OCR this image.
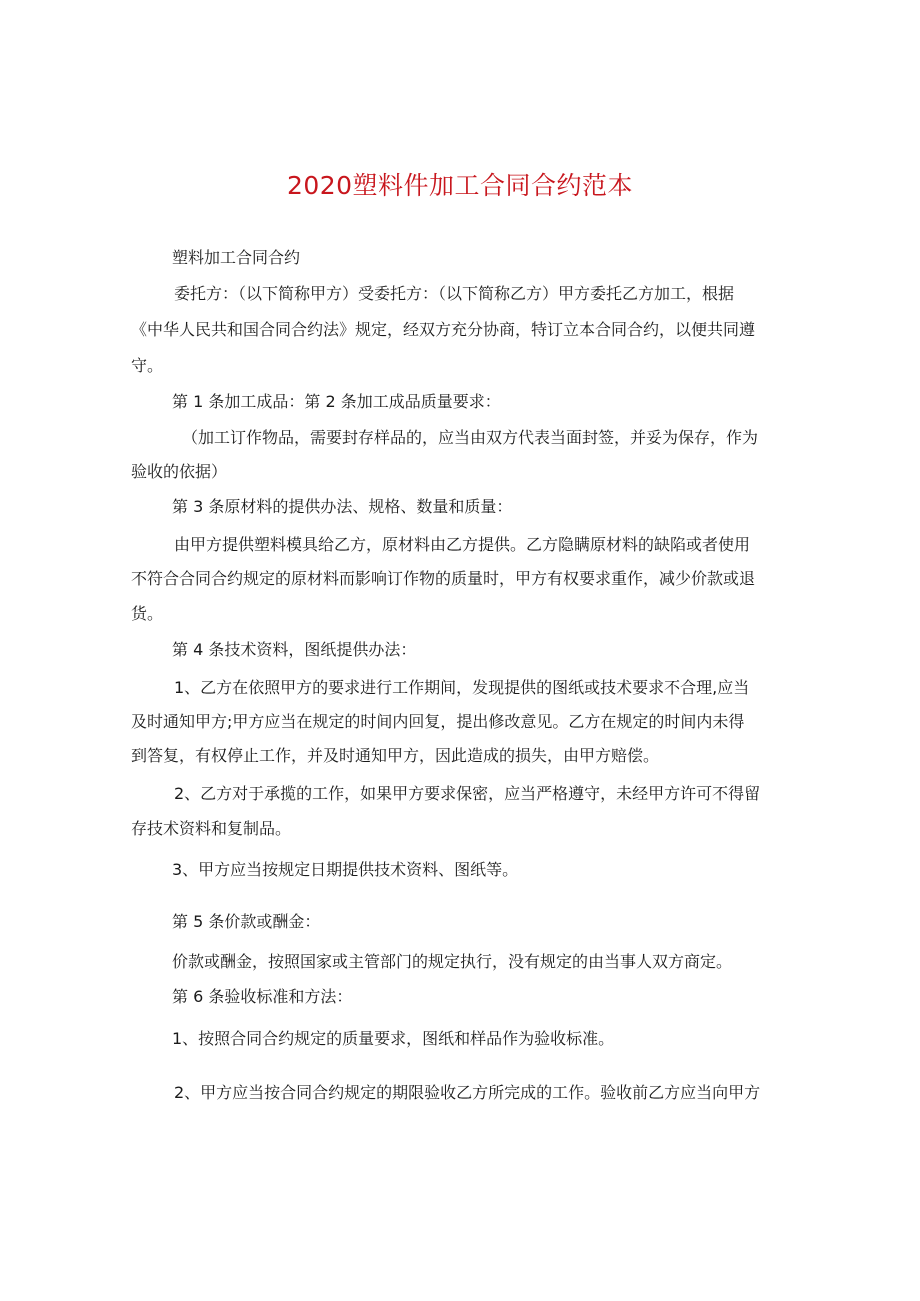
2020塑料件加工合同合约范本
塑料加工合同合约
委托方：（以下简称甲方）受委托方：（以下简称乙方）甲方委托乙方加工，根据
《中华人民共和国合同合约法》规定，经双方充分协商，特订立本合同合约，以便共同遵
守。
第 1 条加工成品：第 2 条加工成品质量要求：
（加工订作物品，需要封存样品的，应当由双方代表当面封签，并妥为保存，作为
验收的依据）
第 3 条原材料的提供办法、规格、数量和质量：
由甲方提供塑料模具给乙方，原材料由乙方提供。乙方隐瞒原材料的缺陷或者使用
不符合合同合约规定的原材料而影响订作物的质量时，甲方有权要求重作，减少价款或退
货。
第 4 条技术资料，图纸提供办法：
1、乙方在依照甲方的要求进行工作期间，发现提供的图纸或技术要求不合理,应当
及时通知甲方;甲方应当在规定的时间内回复，提出修改意见。乙方在规定的时间内未得
到答复，有权停止工作，并及时通知甲方，因此造成的损失，由甲方赔偿。
2、乙方对于承揽的工作，如果甲方要求保密，应当严格遵守，未经甲方许可不得留
存技术资料和复制品。
3、甲方应当按规定日期提供技术资料、图纸等。
第 5 条价款或酬金：
价款或酬金，按照国家或主管部门的规定执行，没有规定的由当事人双方商定。
第 6 条验收标准和方法：
1、按照合同合约规定的质量要求，图纸和样品作为验收标准。
2、甲方应当按合同合约规定的期限验收乙方所完成的工作。验收前乙方应当向甲方
